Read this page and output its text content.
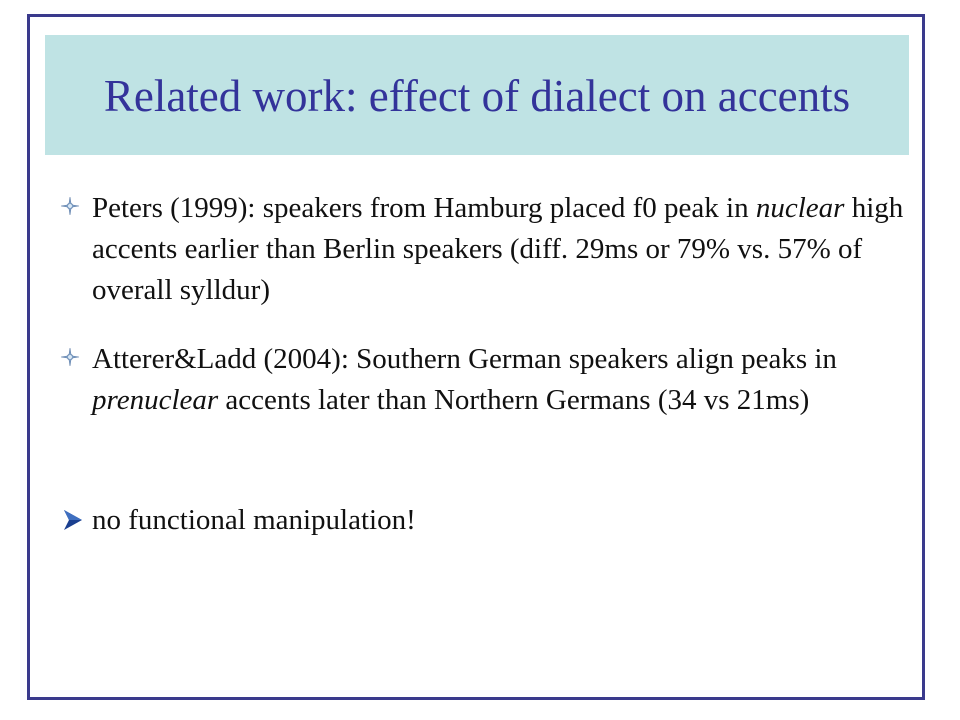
Related work: effect of dialect on accents
Peters (1999): speakers from Hamburg placed f0 peak in nuclear high accents earlier than Berlin speakers (diff. 29ms or 79% vs. 57% of overall sylldur)
Atterer&Ladd (2004): Southern German speakers align peaks in prenuclear accents later than Northern Germans (34 vs 21ms)
no functional manipulation!
